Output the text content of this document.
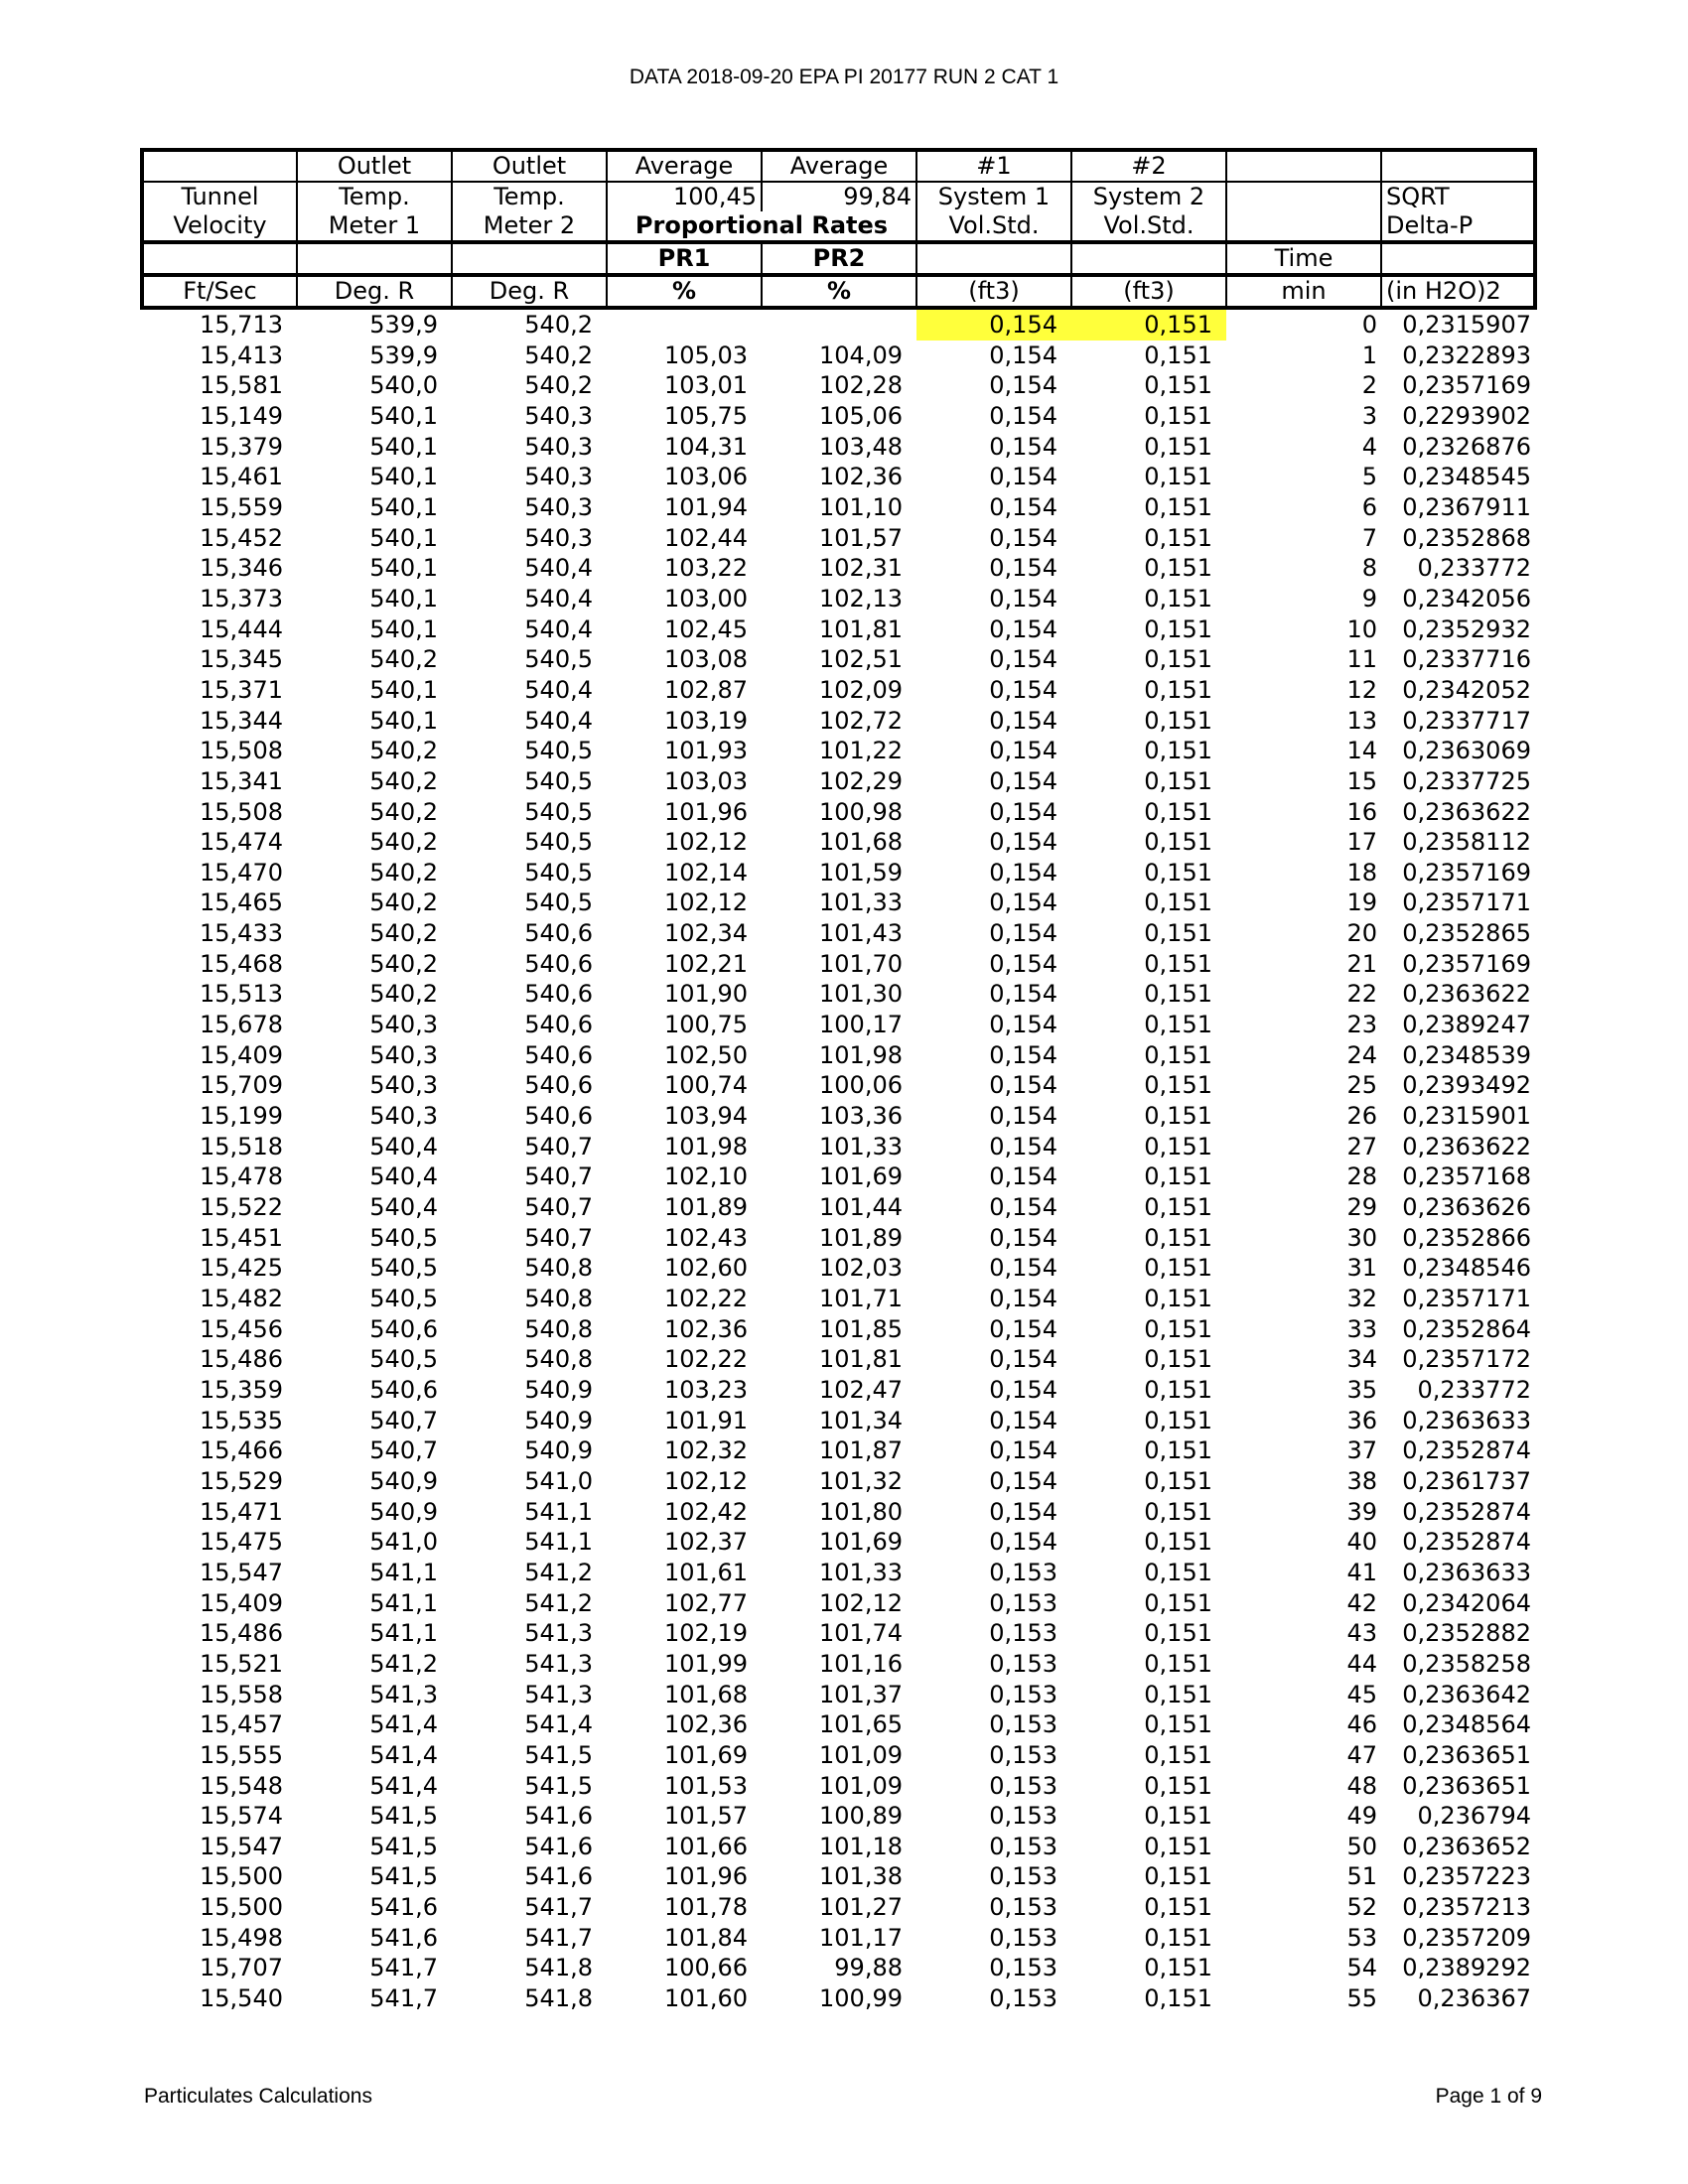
DATA 2018-09-20 EPA PI 20177 RUN 2 CAT 1
	Outlet	Outlet	Average	Average	#1	#2		
Tunnel	Temp.	Temp.	100,45	99,84	System 1	System 2		SQRT
Velocity	Meter 1	Meter 2	Proportional Rates		Vol.Std.	Vol.Std.		Delta-P
			PR1	PR2			Time	
Ft/Sec	Deg. R	Deg. R	%	%	(ft3)	(ft3)	min	(in H2O)2
15,713	539,9	540,2			0,154	0,151	0	0,2315907
15,413	539,9	540,2	105,03	104,09	0,154	0,151	1	0,2322893
15,581	540,0	540,2	103,01	102,28	0,154	0,151	2	0,2357169
15,149	540,1	540,3	105,75	105,06	0,154	0,151	3	0,2293902
15,379	540,1	540,3	104,31	103,48	0,154	0,151	4	0,2326876
15,461	540,1	540,3	103,06	102,36	0,154	0,151	5	0,2348545
15,559	540,1	540,3	101,94	101,10	0,154	0,151	6	0,2367911
15,452	540,1	540,3	102,44	101,57	0,154	0,151	7	0,2352868
15,346	540,1	540,4	103,22	102,31	0,154	0,151	8	0,233772
15,373	540,1	540,4	103,00	102,13	0,154	0,151	9	0,2342056
15,444	540,1	540,4	102,45	101,81	0,154	0,151	10	0,2352932
15,345	540,2	540,5	103,08	102,51	0,154	0,151	11	0,2337716
15,371	540,1	540,4	102,87	102,09	0,154	0,151	12	0,2342052
15,344	540,1	540,4	103,19	102,72	0,154	0,151	13	0,2337717
15,508	540,2	540,5	101,93	101,22	0,154	0,151	14	0,2363069
15,341	540,2	540,5	103,03	102,29	0,154	0,151	15	0,2337725
15,508	540,2	540,5	101,96	100,98	0,154	0,151	16	0,2363622
15,474	540,2	540,5	102,12	101,68	0,154	0,151	17	0,2358112
15,470	540,2	540,5	102,14	101,59	0,154	0,151	18	0,2357169
15,465	540,2	540,5	102,12	101,33	0,154	0,151	19	0,2357171
15,433	540,2	540,6	102,34	101,43	0,154	0,151	20	0,2352865
15,468	540,2	540,6	102,21	101,70	0,154	0,151	21	0,2357169
15,513	540,2	540,6	101,90	101,30	0,154	0,151	22	0,2363622
15,678	540,3	540,6	100,75	100,17	0,154	0,151	23	0,2389247
15,409	540,3	540,6	102,50	101,98	0,154	0,151	24	0,2348539
15,709	540,3	540,6	100,74	100,06	0,154	0,151	25	0,2393492
15,199	540,3	540,6	103,94	103,36	0,154	0,151	26	0,2315901
15,518	540,4	540,7	101,98	101,33	0,154	0,151	27	0,2363622
15,478	540,4	540,7	102,10	101,69	0,154	0,151	28	0,2357168
15,522	540,4	540,7	101,89	101,44	0,154	0,151	29	0,2363626
15,451	540,5	540,7	102,43	101,89	0,154	0,151	30	0,2352866
15,425	540,5	540,8	102,60	102,03	0,154	0,151	31	0,2348546
15,482	540,5	540,8	102,22	101,71	0,154	0,151	32	0,2357171
15,456	540,6	540,8	102,36	101,85	0,154	0,151	33	0,2352864
15,486	540,5	540,8	102,22	101,81	0,154	0,151	34	0,2357172
15,359	540,6	540,9	103,23	102,47	0,154	0,151	35	0,233772
15,535	540,7	540,9	101,91	101,34	0,154	0,151	36	0,2363633
15,466	540,7	540,9	102,32	101,87	0,154	0,151	37	0,2352874
15,529	540,9	541,0	102,12	101,32	0,154	0,151	38	0,2361737
15,471	540,9	541,1	102,42	101,80	0,154	0,151	39	0,2352874
15,475	541,0	541,1	102,37	101,69	0,154	0,151	40	0,2352874
15,547	541,1	541,2	101,61	101,33	0,153	0,151	41	0,2363633
15,409	541,1	541,2	102,77	102,12	0,153	0,151	42	0,2342064
15,486	541,1	541,3	102,19	101,74	0,153	0,151	43	0,2352882
15,521	541,2	541,3	101,99	101,16	0,153	0,151	44	0,2358258
15,558	541,3	541,3	101,68	101,37	0,153	0,151	45	0,2363642
15,457	541,4	541,4	102,36	101,65	0,153	0,151	46	0,2348564
15,555	541,4	541,5	101,69	101,09	0,153	0,151	47	0,2363651
15,548	541,4	541,5	101,53	101,09	0,153	0,151	48	0,2363651
15,574	541,5	541,6	101,57	100,89	0,153	0,151	49	0,236794
15,547	541,5	541,6	101,66	101,18	0,153	0,151	50	0,2363652
15,500	541,5	541,6	101,96	101,38	0,153	0,151	51	0,2357223
15,500	541,6	541,7	101,78	101,27	0,153	0,151	52	0,2357213
15,498	541,6	541,7	101,84	101,17	0,153	0,151	53	0,2357209
15,707	541,7	541,8	100,66	99,88	0,153	0,151	54	0,2389292
15,540	541,7	541,8	101,60	100,99	0,153	0,151	55	0,236367
Particulates Calculations	Page 1 of 9
